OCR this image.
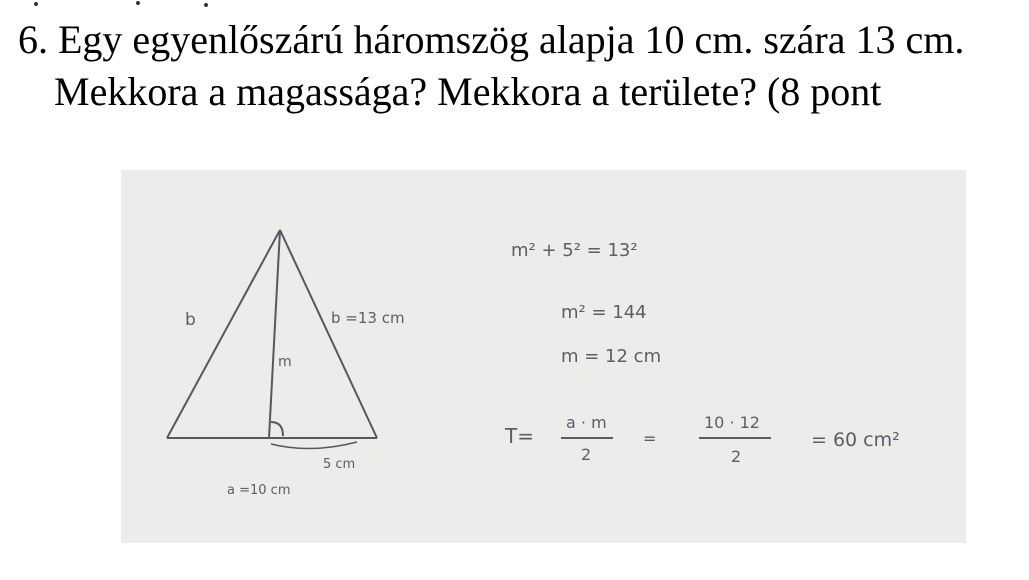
6. Egy egyenlőszárú háromszög alapja 10 cm. szára 13 cm.
Mekkora a magassága? Mekkora a területe? (8 pont
b	b =13 cm
m
5 cm
a =10 cm
m² + 5² = 13²
m² = 144
m = 12 cm
T=
a · m
2
=
10 · 12
2
= 60 cm²
